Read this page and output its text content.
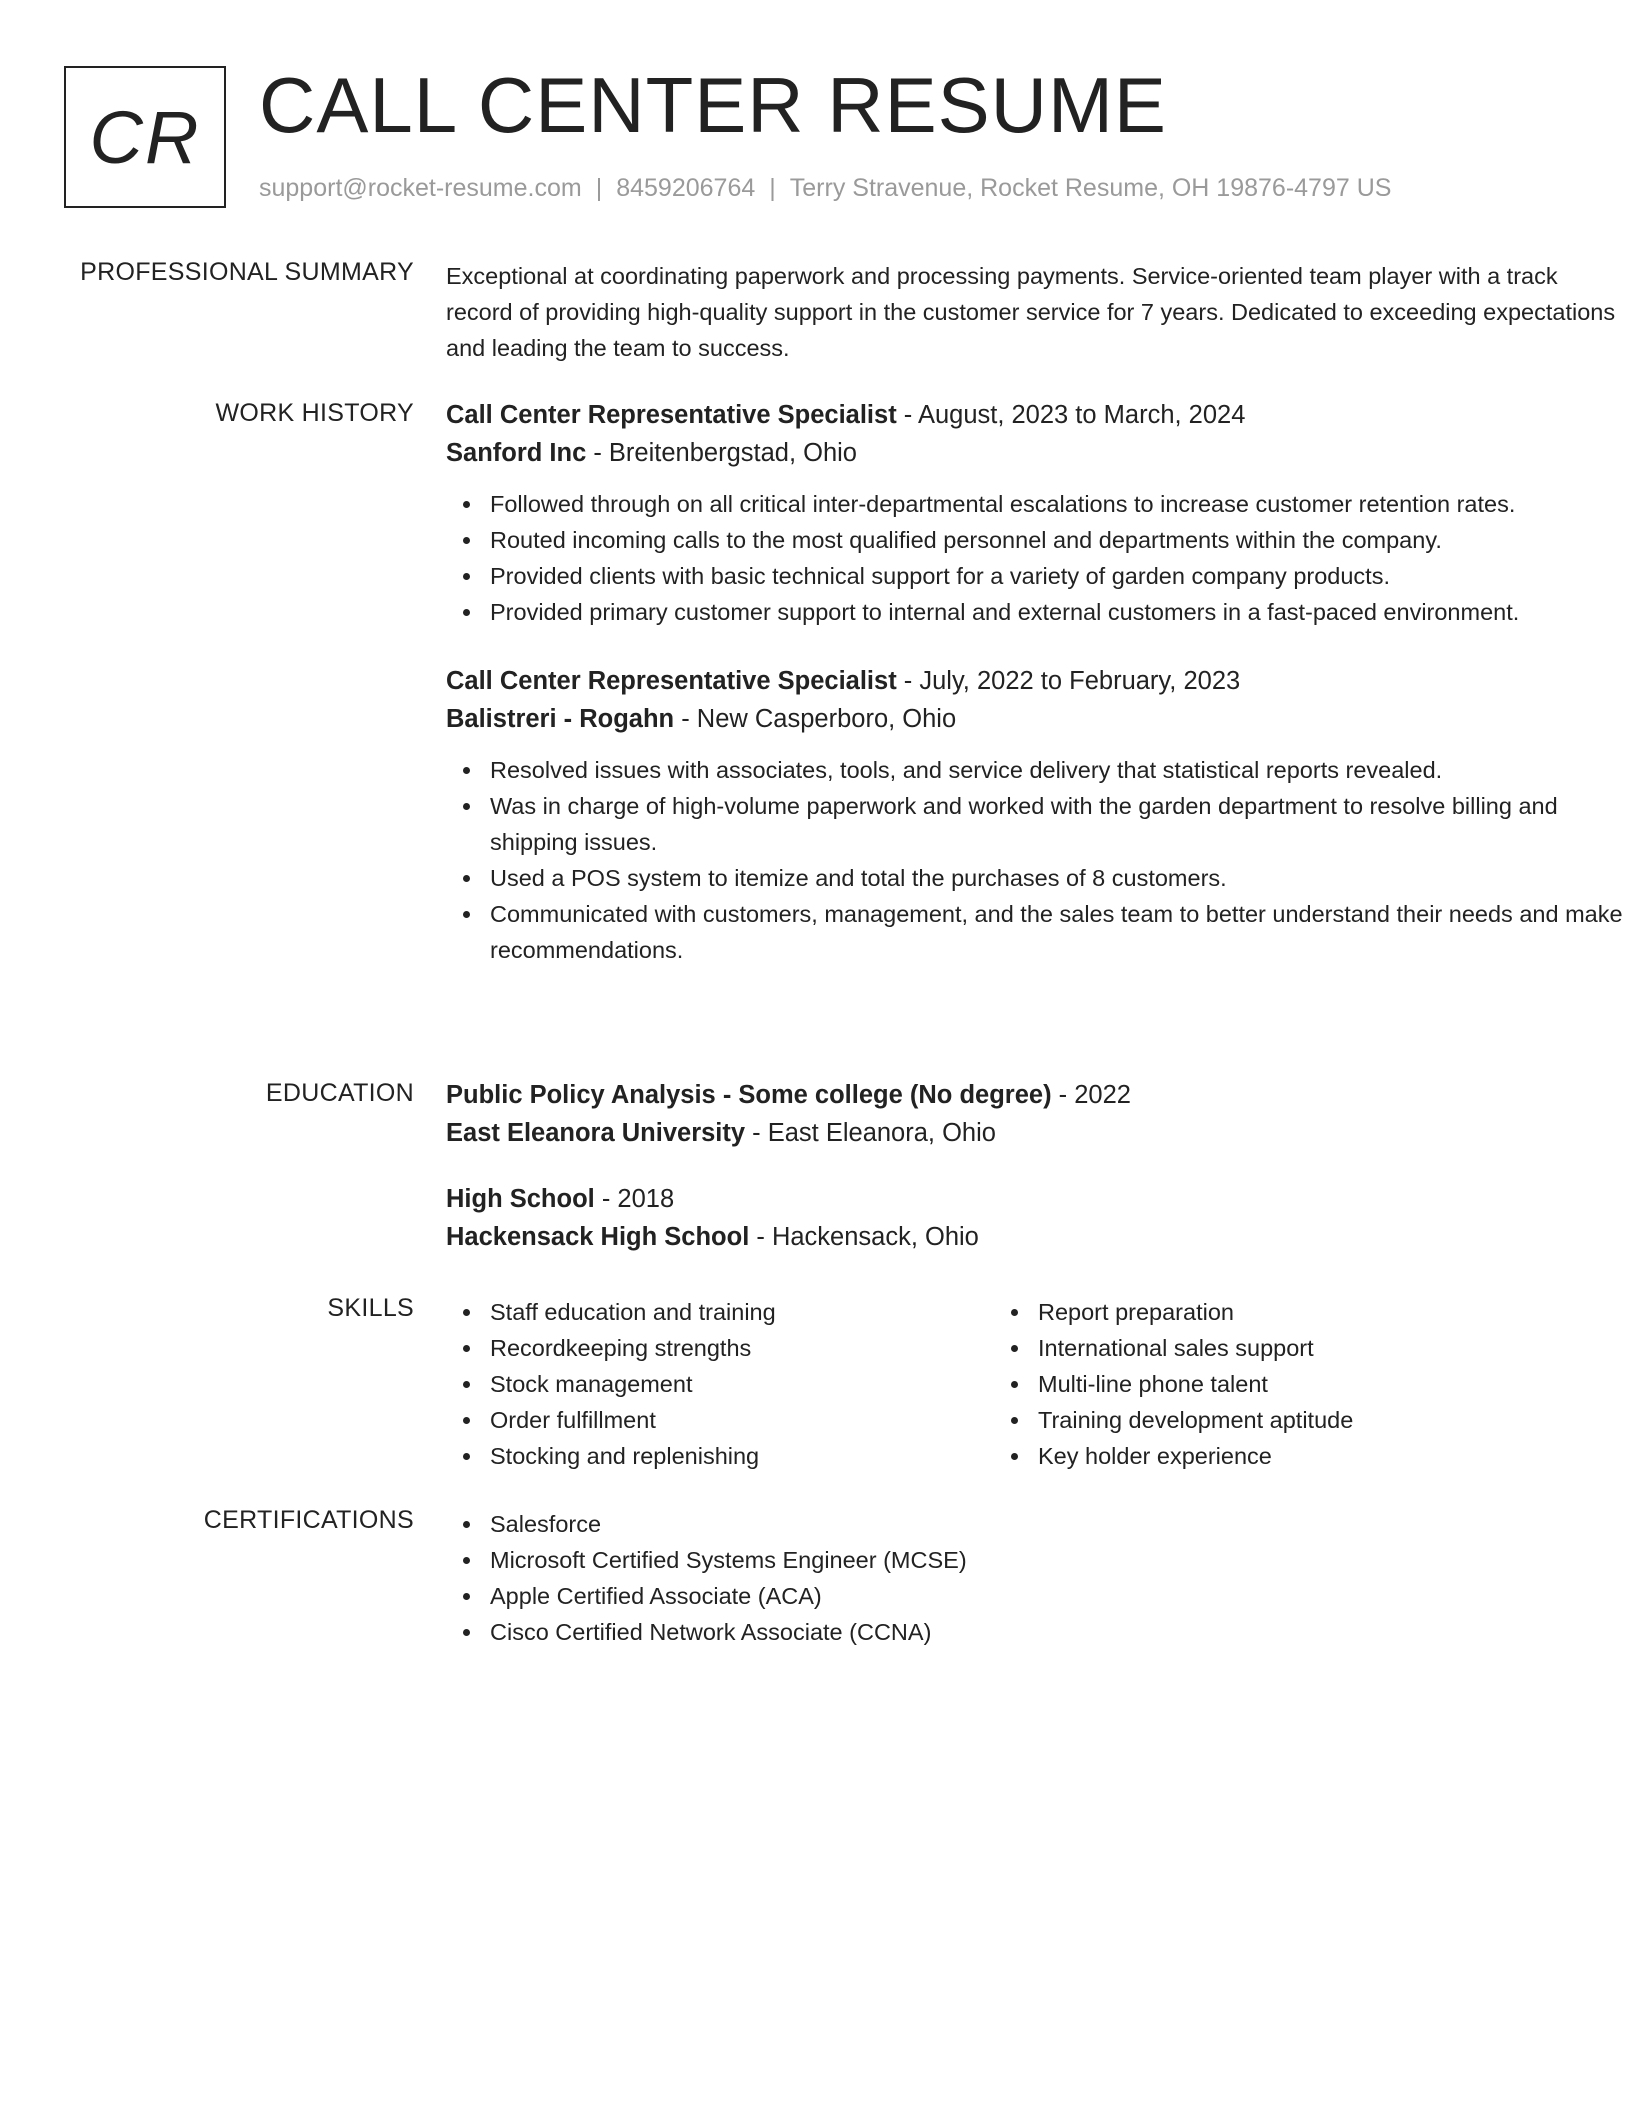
CR CALL CENTER RESUME
support@rocket-resume.com | 8459206764 | Terry Stravenue, Rocket Resume, OH 19876-4797 US
PROFESSIONAL SUMMARY Exceptional at coordinating paperwork and processing payments. Service-oriented team player with a track record of providing high-quality support in the customer service for 7 years. Dedicated to exceeding expectations and leading the team to success.

WORK HISTORY Call Center Representative Specialist - August, 2023 to March, 2024
Sanford Inc - Breitenbergstad, Ohio
Followed through on all critical inter-departmental escalations to increase customer retention rates.
Routed incoming calls to the most qualified personnel and departments within the company.
Provided clients with basic technical support for a variety of garden company products.
Provided primary customer support to internal and external customers in a fast-paced environment.
Call Center Representative Specialist - July, 2022 to February, 2023
Balistreri - Rogahn - New Casperboro, Ohio
Resolved issues with associates, tools, and service delivery that statistical reports revealed.
Was in charge of high-volume paperwork and worked with the garden department to resolve billing and shipping issues.
Used a POS system to itemize and total the purchases of 8 customers.
Communicated with customers, management, and the sales team to better understand their needs and make recommendations.
EDUCATION Public Policy Analysis - Some college (No degree) - 2022
East Eleanora University - East Eleanora, Ohio
High School - 2018
Hackensack High School - Hackensack, Ohio
SKILLS	Staff education and training
Recordkeeping strengths
Stock management
Order fulfillment
Stocking and replenishing
Report preparation
International sales support
Multi-line phone talent
Training development aptitude
Key holder experience
CERTIFICATIONS	Salesforce
Microsoft Certified Systems Engineer (MCSE)
Apple Certified Associate (ACA)
Cisco Certified Network Associate (CCNA)
